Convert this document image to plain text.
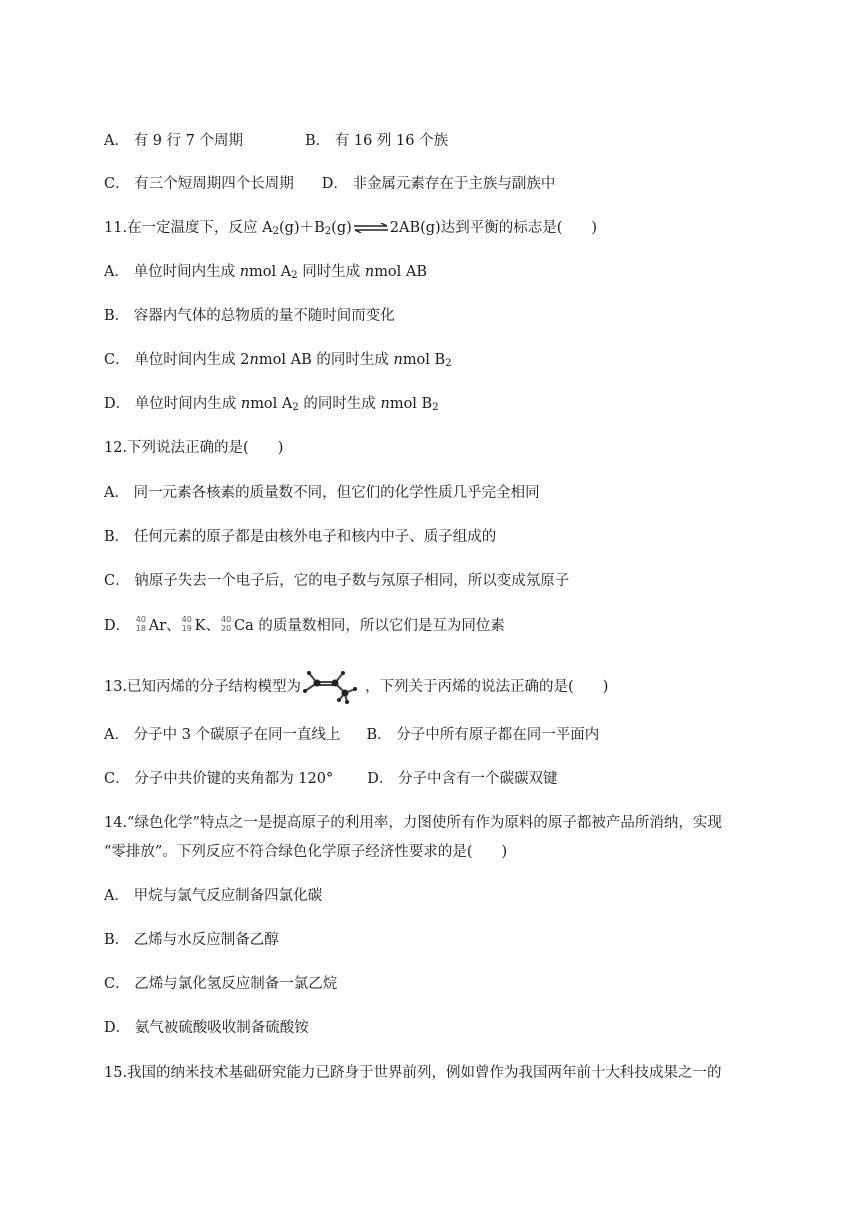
A． 有 9 行 7 个周期	B． 有 16 列 16 个族
C． 有三个短周期四个长周期 D． 非金属元素存在于主族与副族中
11.在一定温度下，反应 $A_2(g)+B_2(g)\rightleftharpoons 2AB(g)$达到平衡的标志是(　　)
A． 单位时间内生成 nmol $A_2$ 同时生成 nmol AB
B． 容器内气体的总物质的量不随时间而变化
C． 单位时间内生成 2nmol AB 的同时生成 nmol $B_2$
D． 单位时间内生成 nmol $A_2$ 的同时生成 nmol $B_2$
12.下列说法正确的是(　　)
A． 同一元素各核素的质量数不同，但它们的化学性质几乎完全相同
B． 任何元素的原子都是由核外电子和核内中子、质子组成的
C． 钠原子失去一个电子后，它的电子数与氖原子相同，所以变成氖原子
D． 40
18 Ar、 40
19 K、 40
20 Ca 的质量数相同，所以它们是互为同位素
13.已知丙烯的分子结构模型为	，下列关于丙烯的说法正确的是(　　)
A． 分子中 3 个碳原子在同一直线上 B． 分子中所有原子都在同一平面内
C． 分子中共价键的夹角都为 120° D． 分子中含有一个碳碳双键
14.“绿色化学”特点之一是提高原子的利用率，力图使所有作为原料的原子都被产品所消纳，实现
“零排放”。下列反应不符合绿色化学原子经济性要求的是(　　)
A． 甲烷与氯气反应制备四氯化碳
B． 乙烯与水反应制备乙醇
C． 乙烯与氯化氢反应制备一氯乙烷
D． 氨气被硫酸吸收制备硫酸铵
15.我国的纳米技术基础研究能力已跻身于世界前列，例如曾作为我国两年前十大科技成果之一的
